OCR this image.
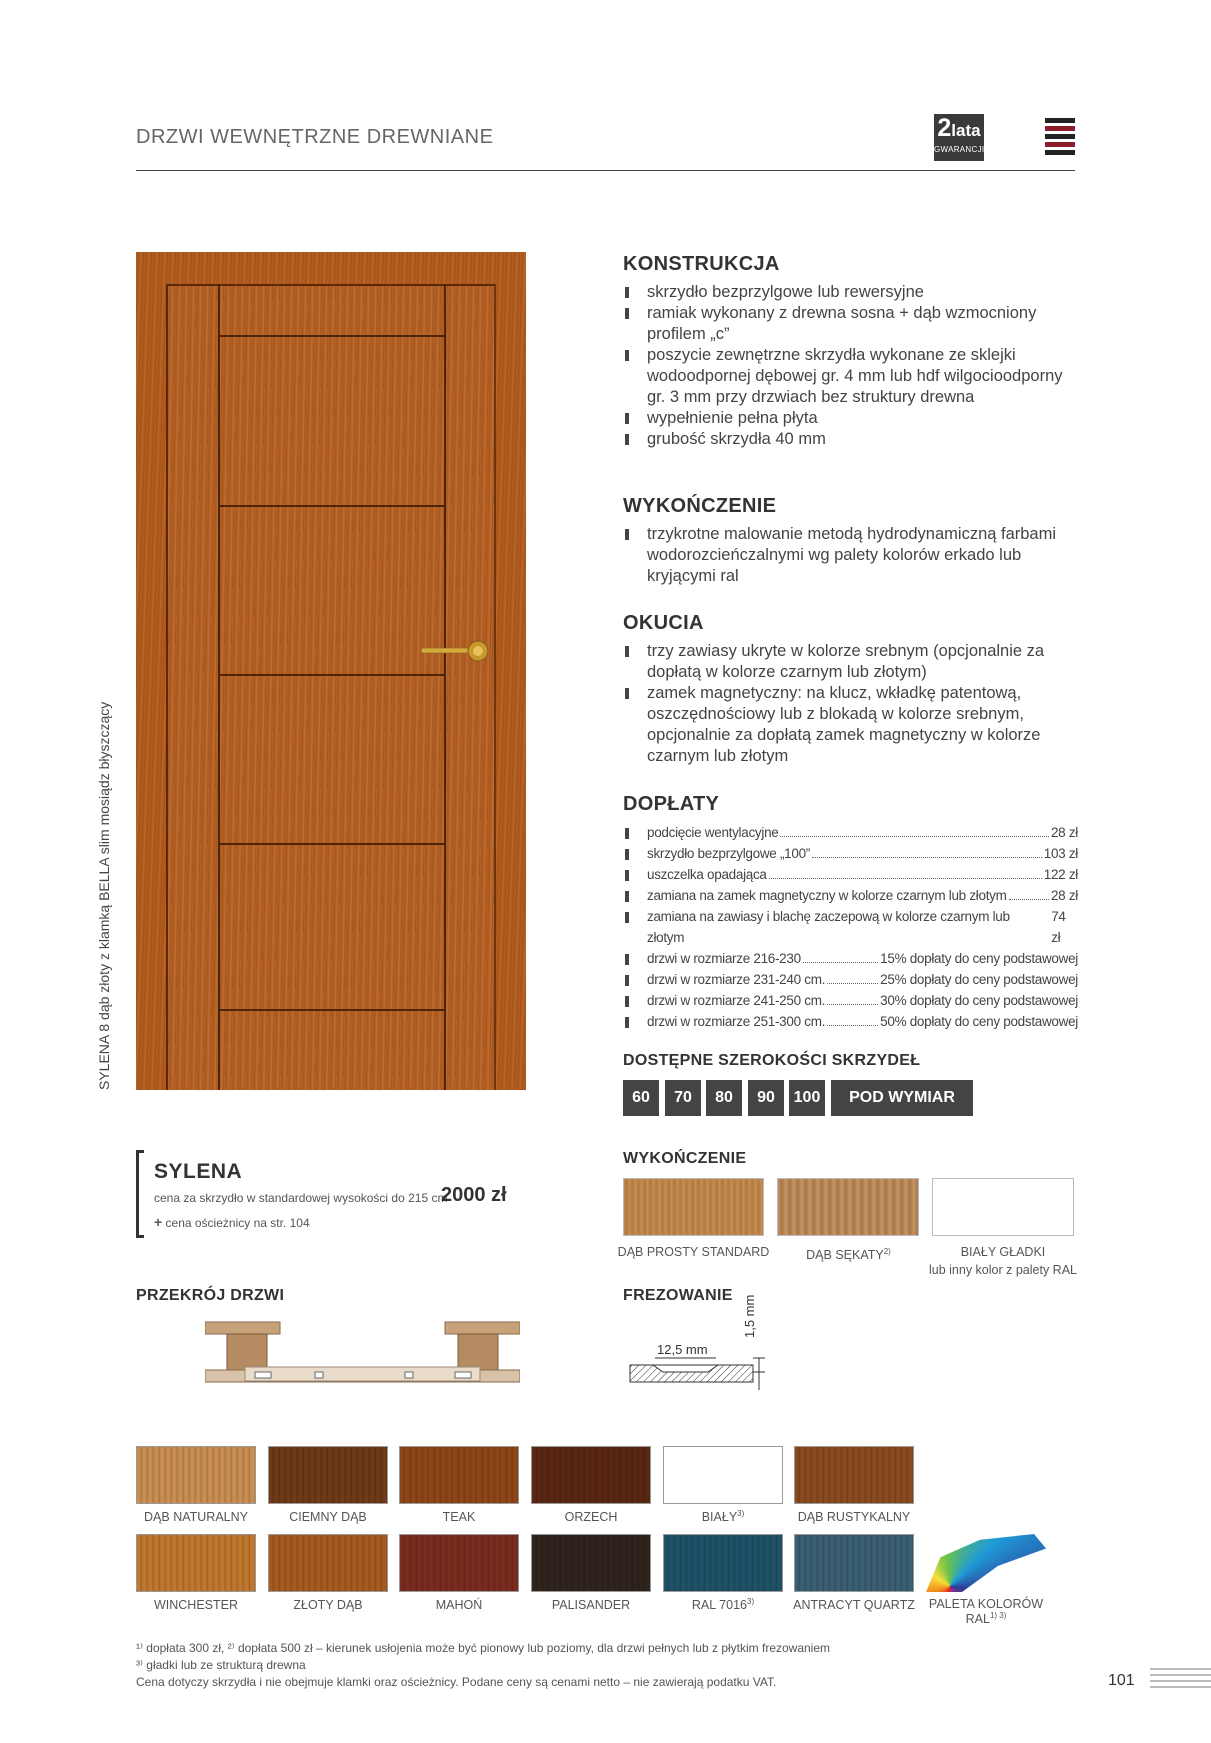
DRZWI WEWNĘTRZNE DREWNIANE	2lata
GWARANCJI
SYLENA 8 dąb złoty z klamką BELLA slim mosiądz błyszczący
KONSTRUKCJA
skrzydło bezprzylgowe lub rewersyjne
ramiak wykonany z drewna sosna + dąb wzmocniony profilem „c”
poszycie zewnętrzne skrzydła wykonane ze sklejki wodoodpornej dębowej gr. 4 mm lub hdf wilgocioodporny gr. 3 mm przy drzwiach bez struktury drewna
wypełnienie pełna płyta
grubość skrzydła 40 mm
WYKOŃCZENIE
trzykrotne malowanie metodą hydrodynamiczną farbami wodorozcieńczalnymi wg palety kolorów erkado lub kryjącymi ral
OKUCIA
trzy zawiasy ukryte w kolorze srebnym (opcjonalnie za dopłatą w kolorze czarnym lub złotym)
zamek magnetyczny: na klucz, wkładkę patentową, oszczędnościowy lub z blokadą w kolorze srebnym, opcjonalnie za dopłatą zamek magnetyczny w kolorze czarnym lub złotym
DOPŁATY
podcięcie wentylacyjne	28 zł
skrzydło bezprzylgowe „100”	103 zł
uszczelka opadająca	122 zł
zamiana na zamek magnetyczny w kolorze czarnym lub złotym	28 zł
zamiana na zawiasy i blachę zaczepową w kolorze czarnym lub złotym
74 zł
drzwi w rozmiarze 216-230	15% dopłaty do ceny podstawowej
drzwi w rozmiarze 231-240 cm.	25% dopłaty do ceny podstawowej
drzwi w rozmiarze 241-250 cm.	30% dopłaty do ceny podstawowej
drzwi w rozmiarze 251-300 cm.	50% dopłaty do ceny podstawowej
DOSTĘPNE SZEROKOŚCI SKRZYDEŁ
60	70	80	90	100	POD WYMIAR
SYLENA
cena za skrzydło w standardowej wysokości do 215 cm
2000 zł
+ cena ościeżnicy na str. 104
WYKOŃCZENIE
DĄB PROSTY STANDARD	DĄB SĘKATY$^{2)}$	BIAŁY GŁADKI
lub inny kolor z palety RAL
PRZEKRÓJ DRZWI	FREZOWANIE
12,5 mm
1,5 mm
DĄB NATURALNY	CIEMNY DĄB	TEAK	ORZECH	BIAŁY$^{3)}$	DĄB RUSTYKALNY
WINCHESTER	ZŁOTY DĄB	MAHOŃ	PALISANDER	RAL 7016$^{3)}$	ANTRACYT QUARTZ	PALETA KOLORÓW $RAL^{1) 3)}$
¹⁾ dopłata 300 zł, ²⁾ dopłata 500 zł – kierunek usłojenia może być pionowy lub poziomy, dla drzwi pełnych lub z płytkim frezowaniem
³⁾ gładki lub ze strukturą drewna
Cena dotyczy skrzydła i nie obejmuje klamki oraz ościeżnicy. Podane ceny są cenami netto – nie zawierają podatku VAT.	101
